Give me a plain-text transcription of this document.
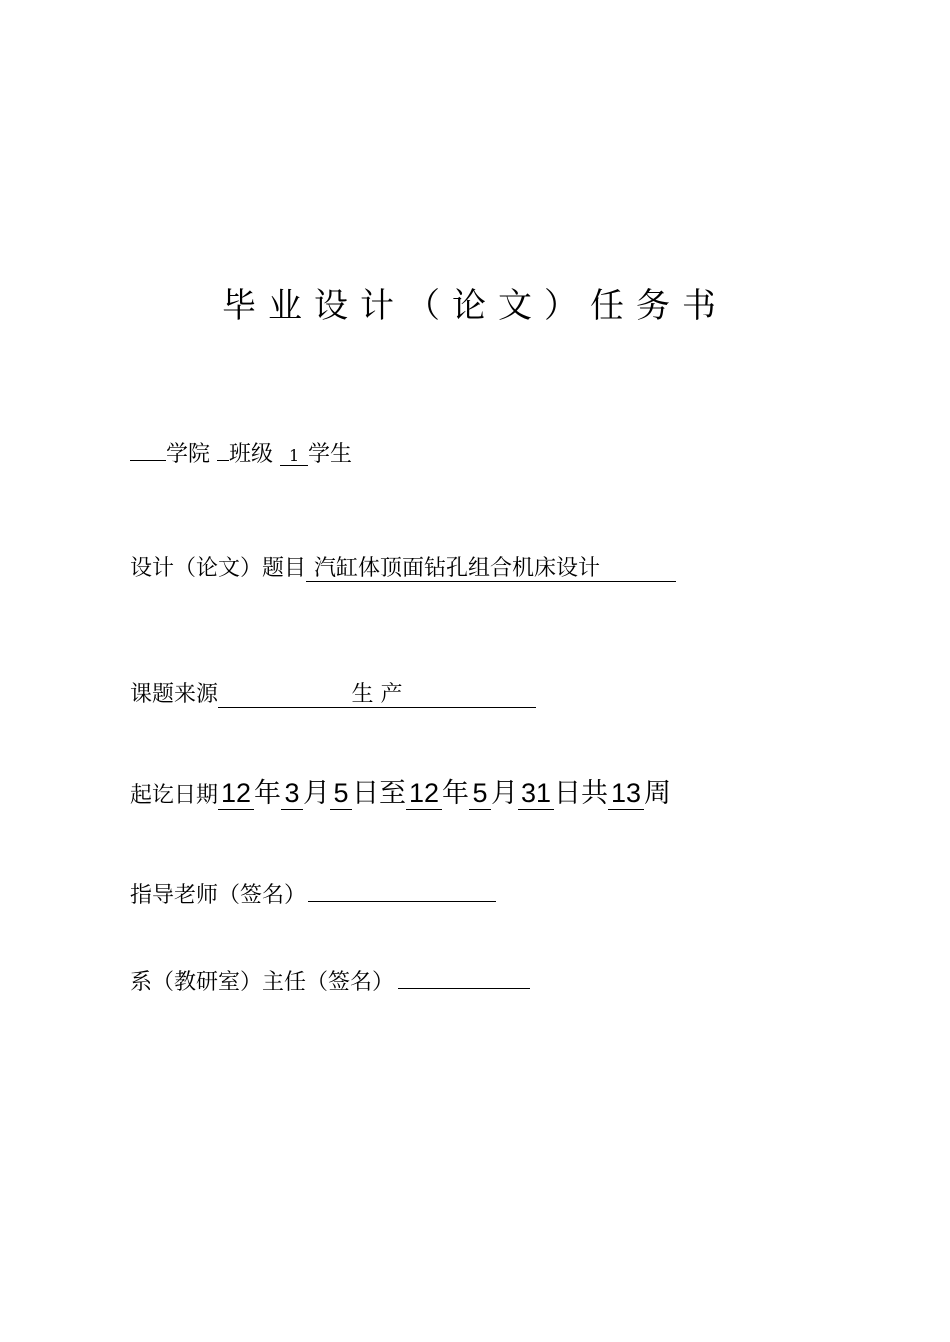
毕业设计（论文）任务书
学院 班级 1 学生
设计（论文）题目 汽缸体顶面钻孔组合机床设计
课题来源	生 产
起讫日期 12 年 3 月 5 日至 12 年 5 月 31 日共 13 周
指导老师（签名）
系（教研室）主任（签名）
